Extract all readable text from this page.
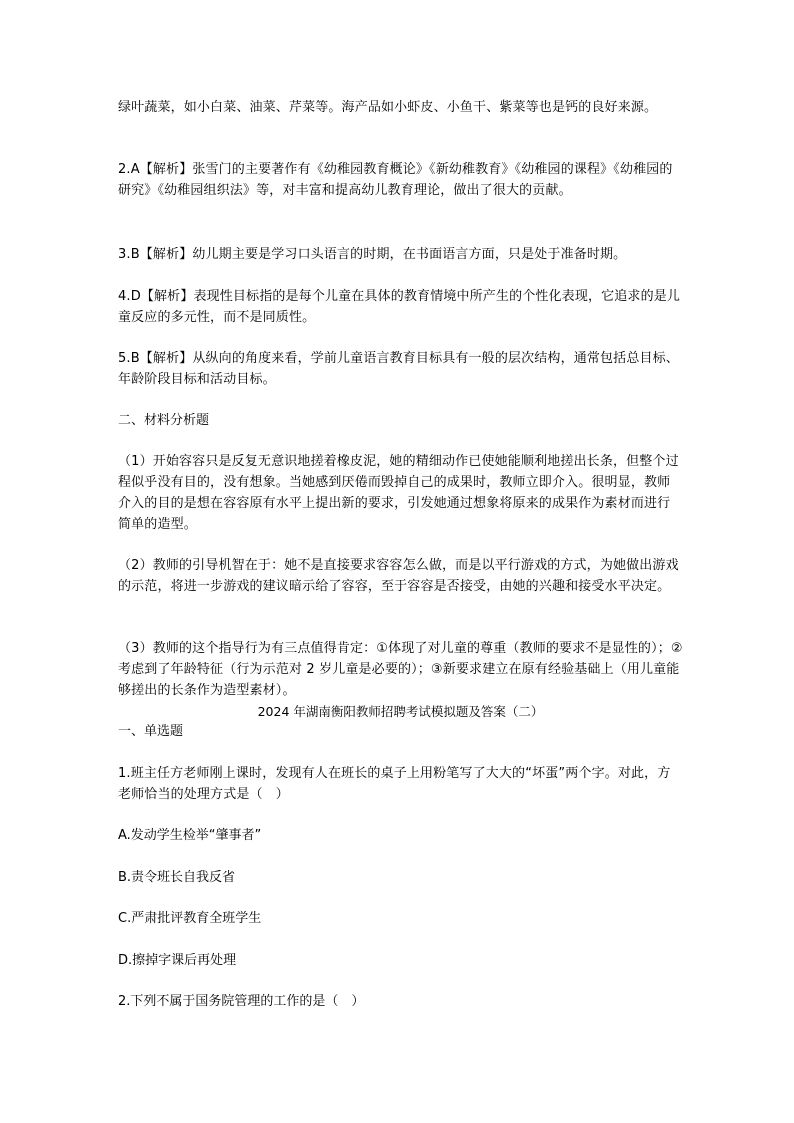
绿叶蔬菜，如小白菜、油菜、芹菜等。海产品如小虾皮、小鱼干、紫菜等也是钙的良好来源。

2.A【解析】张雪门的主要著作有《幼稚园教育概论》《新幼稚教育》《幼稚园的课程》《幼稚园的研究》《幼稚园组织法》等，对丰富和提高幼儿教育理论，做出了很大的贡献。

3.B【解析】幼儿期主要是学习口头语言的时期，在书面语言方面，只是处于准备时期。

4.D【解析】表现性目标指的是每个儿童在具体的教育情境中所产生的个性化表现，它追求的是儿童反应的多元性，而不是同质性。

5.B【解析】从纵向的角度来看，学前儿童语言教育目标具有一般的层次结构，通常包括总目标、年龄阶段目标和活动目标。

二、材料分析题

（1）开始容容只是反复无意识地搓着橡皮泥，她的精细动作已使她能顺利地搓出长条，但整个过程似乎没有目的，没有想象。当她感到厌倦而毁掉自己的成果时，教师立即介入。很明显，教师介入的目的是想在容容原有水平上提出新的要求，引发她通过想象将原来的成果作为素材而进行简单的造型。

（2）教师的引导机智在于：她不是直接要求容容怎么做，而是以平行游戏的方式，为她做出游戏的示范，将进一步游戏的建议暗示给了容容，至于容容是否接受，由她的兴趣和接受水平决定。

（3）教师的这个指导行为有三点值得肯定：①体现了对儿童的尊重（教师的要求不是显性的）；②考虑到了年龄特征（行为示范对 2 岁儿童是必要的）；③新要求建立在原有经验基础上（用儿童能够搓出的长条作为造型素材）。

2024 年湖南衡阳教师招聘考试模拟题及答案（二）

一、单选题

1.班主任方老师刚上课时，发现有人在班长的桌子上用粉笔写了大大的“坏蛋”两个字。对此，方老师恰当的处理方式是（　）

A.发动学生检举“肇事者”

B.责令班长自我反省

C.严肃批评教育全班学生

D.擦掉字课后再处理

2.下列不属于国务院管理的工作的是（　）
